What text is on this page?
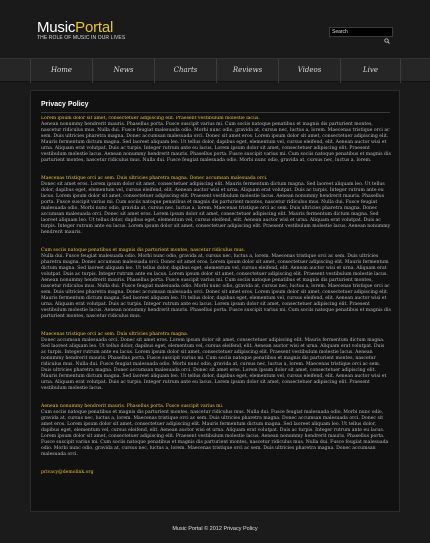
MusicPortal
THE ROLE OF MUSIC IN OUR LIVES
Search
Home	News	Charts	Reviews	Videos	Live
Privacy Policy

Lorem ipsum dolor sit amet, consectetuer adipiscing elit. Praesent vestibulum molestie lacus.
Aenean nonummy hendrerit mauris. Phasellus porta. Fusce suscipit varius mi. Cum sociis natoque penatibus et magnis dis parturient montes, nascetur ridiculus mus. Nulla dui. Fusce feugiat malesuada odio. Morbi nunc odio, gravida at, cursus nec, luctus a, lorem. Maecenas tristique orci ac sem. Duis ultricies pharetra magna. Donec accumsan malesuada orci. Donec sit amet eros. Lorem ipsum dolor sit amet, consectetuer adipiscing elit. Mauris fermentum dictum magna. Sed laoreet aliquam leo. Ut tellus dolor, dapibus eget, elementum vel, cursus eleifend, elit. Aenean auctor wisi et urna. Aliquam erat volutpat. Duis ac turpis. Integer rutrum ante eu lacus. Lorem ipsum dolor sit amet, consectetuer adipiscing elit. Praesent vestibulum molestie lacus. Aenean nonummy hendrerit mauris. Phasellus porta. Fusce suscipit varius mi. Cum sociis natoque penatibus et magnis dis parturient montes, nascetur ridiculus mus. Nulla dui. Fusce feugiat malesuada odio. Morbi nunc odio, gravida at, cursus nec, luctus a, lorem.

Maecenas tristique orci ac sem. Duis ultricies pharetra magna. Donec accumsan malesuada orci.
Donec sit amet eros. Lorem ipsum dolor sit amet, consectetuer adipiscing elit. Mauris fermentum dictum magna. Sed laoreet aliquam leo. Ut tellus dolor, dapibus eget, elementum vel, cursus eleifend, elit. Aenean auctor wisi et urna. Aliquam erat volutpat. Duis ac turpis. Integer rutrum ante eu lacus. Lorem ipsum dolor sit amet, consectetuer adipiscing elit. Praesent vestibulum molestie lacus. Aenean nonummy hendrerit mauris. Phasellus porta. Fusce suscipit varius mi. Cum sociis natoque penatibus et magnis dis parturient montes, nascetur ridiculus mus. Nulla dui. Fusce feugiat malesuada odio. Morbi nunc odio, gravida at, cursus nec, luctus a, lorem. Maecenas tristique orci ac sem. Duis ultricies pharetra magna. Donec accumsan malesuada orci. Donec sit amet eros. Lorem ipsum dolor sit amet, consectetuer adipiscing elit. Mauris fermentum dictum magna. Sed laoreet aliquam leo. Ut tellus dolor, dapibus eget, elementum vel, cursus eleifend, elit. Aenean auctor wisi et urna. Aliquam erat volutpat. Duis ac turpis. Integer rutrum ante eu lacus. Lorem ipsum dolor sit amet, consectetuer adipiscing elit. Praesent vestibulum molestie lacus. Aenean nonummy hendrerit mauris.

Cum sociis natoque penatibus et magnis dis parturient montes, nascetur ridiculus mus.
Nulla dui. Fusce feugiat malesuada odio. Morbi nunc odio, gravida at, cursus nec, luctus a, lorem. Maecenas tristique orci ac sem. Duis ultricies pharetra magna. Donec accumsan malesuada orci. Donec sit amet eros. Lorem ipsum dolor sit amet, consectetuer adipiscing elit. Mauris fermentum dictum magna. Sed laoreet aliquam leo. Ut tellus dolor, dapibus eget, elementum vel, cursus eleifend, elit. Aenean auctor wisi et urna. Aliquam erat volutpat. Duis ac turpis. Integer rutrum ante eu lacus. Lorem ipsum dolor sit amet, consectetuer adipiscing elit. Praesent vestibulum molestie lacus. Aenean nonummy hendrerit mauris. Phasellus porta. Fusce suscipit varius mi. Cum sociis natoque penatibus et magnis dis parturient montes, nascetur ridiculus mus. Nulla dui. Fusce feugiat malesuada odio. Morbi nunc odio, gravida at, cursus nec, luctus a, lorem. Maecenas tristique orci ac sem. Duis ultricies pharetra magna. Donec accumsan malesuada orci. Donec sit amet eros. Lorem ipsum dolor sit amet, consectetuer adipiscing elit. Mauris fermentum dictum magna. Sed laoreet aliquam leo. Ut tellus dolor, dapibus eget, elementum vel, cursus eleifend, elit. Aenean auctor wisi et urna. Aliquam erat volutpat. Duis ac turpis. Integer rutrum ante eu lacus. Lorem ipsum dolor sit amet, consectetuer adipiscing elit. Praesent vestibulum molestie lacus. Aenean nonummy hendrerit mauris. Phasellus porta. Fusce suscipit varius mi. Cum sociis natoque penatibus et magnis dis parturient montes, nascetur ridiculus mus.

Maecenas tristique orci ac sem. Duis ultricies pharetra magna.
Donec accumsan malesuada orci. Donec sit amet eros. Lorem ipsum dolor sit amet, consectetuer adipiscing elit. Mauris fermentum dictum magna. Sed laoreet aliquam leo. Ut tellus dolor, dapibus eget, elementum vel, cursus eleifend, elit. Aenean auctor wisi et urna. Aliquam erat volutpat. Duis ac turpis. Integer rutrum ante eu lacus. Lorem ipsum dolor sit amet, consectetuer adipiscing elit. Praesent vestibulum molestie lacus. Aenean nonummy hendrerit mauris. Phasellus porta. Fusce suscipit varius mi. Cum sociis natoque penatibus et magnis dis parturient montes, nascetur ridiculus mus. Nulla dui. Fusce feugiat malesuada odio. Morbi nunc odio, gravida at, cursus nec, luctus a, lorem. Maecenas tristique orci ac sem. Duis ultricies pharetra magna. Donec accumsan malesuada orci. Donec sit amet eros. Lorem ipsum dolor sit amet, consectetuer adipiscing elit. Mauris fermentum dictum magna. Sed laoreet aliquam leo. Ut tellus dolor, dapibus eget, elementum vel, cursus eleifend, elit. Aenean auctor wisi et urna. Aliquam erat volutpat. Duis ac turpis. Integer rutrum ante eu lacus. Lorem ipsum dolor sit amet, consectetuer adipiscing elit. Praesent vestibulum molestie lacus.

Aenean nonummy hendrerit mauris. Phasellus porta. Fusce suscipit varius mi.
Cum sociis natoque penatibus et magnis dis parturient montes, nascetur ridiculus mus. Nulla dui. Fusce feugiat malesuada odio. Morbi nunc odio, gravida at, cursus nec, luctus a, lorem. Maecenas tristique orci ac sem. Duis ultricies pharetra magna. Donec accumsan malesuada orci. Donec sit amet eros. Lorem ipsum dolor sit amet, consectetuer adipiscing elit. Mauris fermentum dictum magna. Sed laoreet aliquam leo. Ut tellus dolor, dapibus eget, elementum vel, cursus eleifend, elit. Aenean auctor wisi et urna. Aliquam erat volutpat. Duis ac turpis. Integer rutrum ante eu lacus. Lorem ipsum dolor sit amet, consectetuer adipiscing elit. Praesent vestibulum molestie lacus. Aenean nonummy hendrerit mauris. Phasellus porta. Fusce suscipit varius mi. Cum sociis natoque penatibus et magnis dis parturient montes, nascetur ridiculus mus. Nulla dui. Fusce feugiat malesuada odio. Morbi nunc odio, gravida at, cursus nec, luctus a, lorem. Maecenas tristique orci ac sem. Duis ultricies pharetra magna. Donec accumsan malesuada orci.

privacy@demolink.org

Music Portal © 2012 Privacy Policy
